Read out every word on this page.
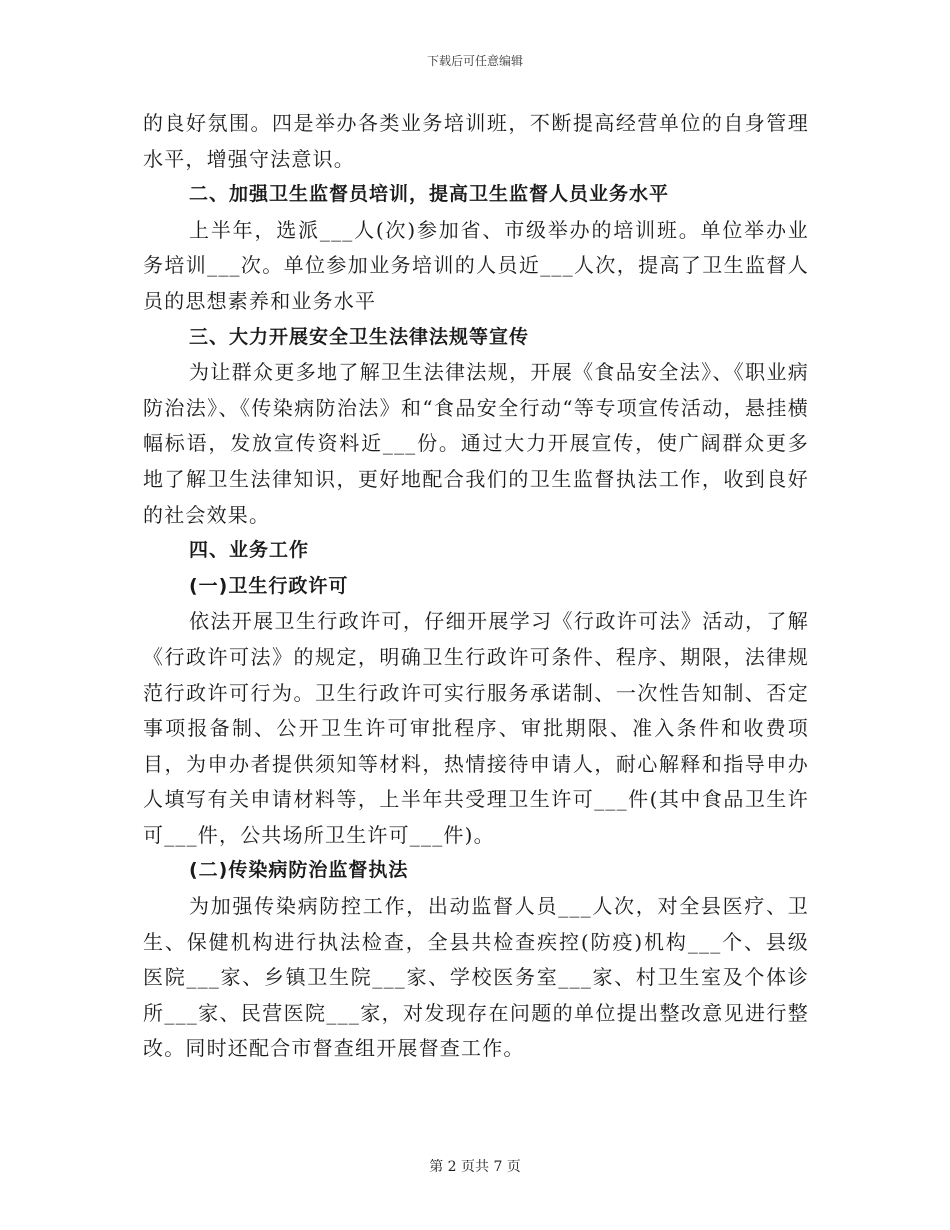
下载后可任意编辑

的良好氛围。四是举办各类业务培训班，不断提高经营单位的自身管理水平，增强守法意识。

二、加强卫生监督员培训，提高卫生监督人员业务水平

上半年，选派___人(次)参加省、市级举办的培训班。单位举办业务培训___次。单位参加业务培训的人员近___人次，提高了卫生监督人员的思想素养和业务水平

三、大力开展安全卫生法律法规等宣传

为让群众更多地了解卫生法律法规，开展《食品安全法》、《职业病防治法》、《传染病防治法》和“食品安全行动“等专项宣传活动，悬挂横幅标语，发放宣传资料近___份。通过大力开展宣传，使广阔群众更多地了解卫生法律知识，更好地配合我们的卫生监督执法工作，收到良好的社会效果。

四、业务工作

(一)卫生行政许可

依法开展卫生行政许可，仔细开展学习《行政许可法》活动，了解《行政许可法》的规定，明确卫生行政许可条件、程序、期限，法律规范行政许可行为。卫生行政许可实行服务承诺制、一次性告知制、否定事项报备制、公开卫生许可审批程序、审批期限、准入条件和收费项目，为申办者提供须知等材料，热情接待申请人，耐心解释和指导申办人填写有关申请材料等，上半年共受理卫生许可___件(其中食品卫生许可___件，公共场所卫生许可___件)。

(二)传染病防治监督执法

为加强传染病防控工作，出动监督人员___人次，对全县医疗、卫生、保健机构进行执法检查，全县共检查疾控(防疫)机构___个、县级医院___家、乡镇卫生院___家、学校医务室___家、村卫生室及个体诊所___家、民营医院___家，对发现存在问题的单位提出整改意见进行整改。同时还配合市督查组开展督查工作。

第 2 页共 7 页
